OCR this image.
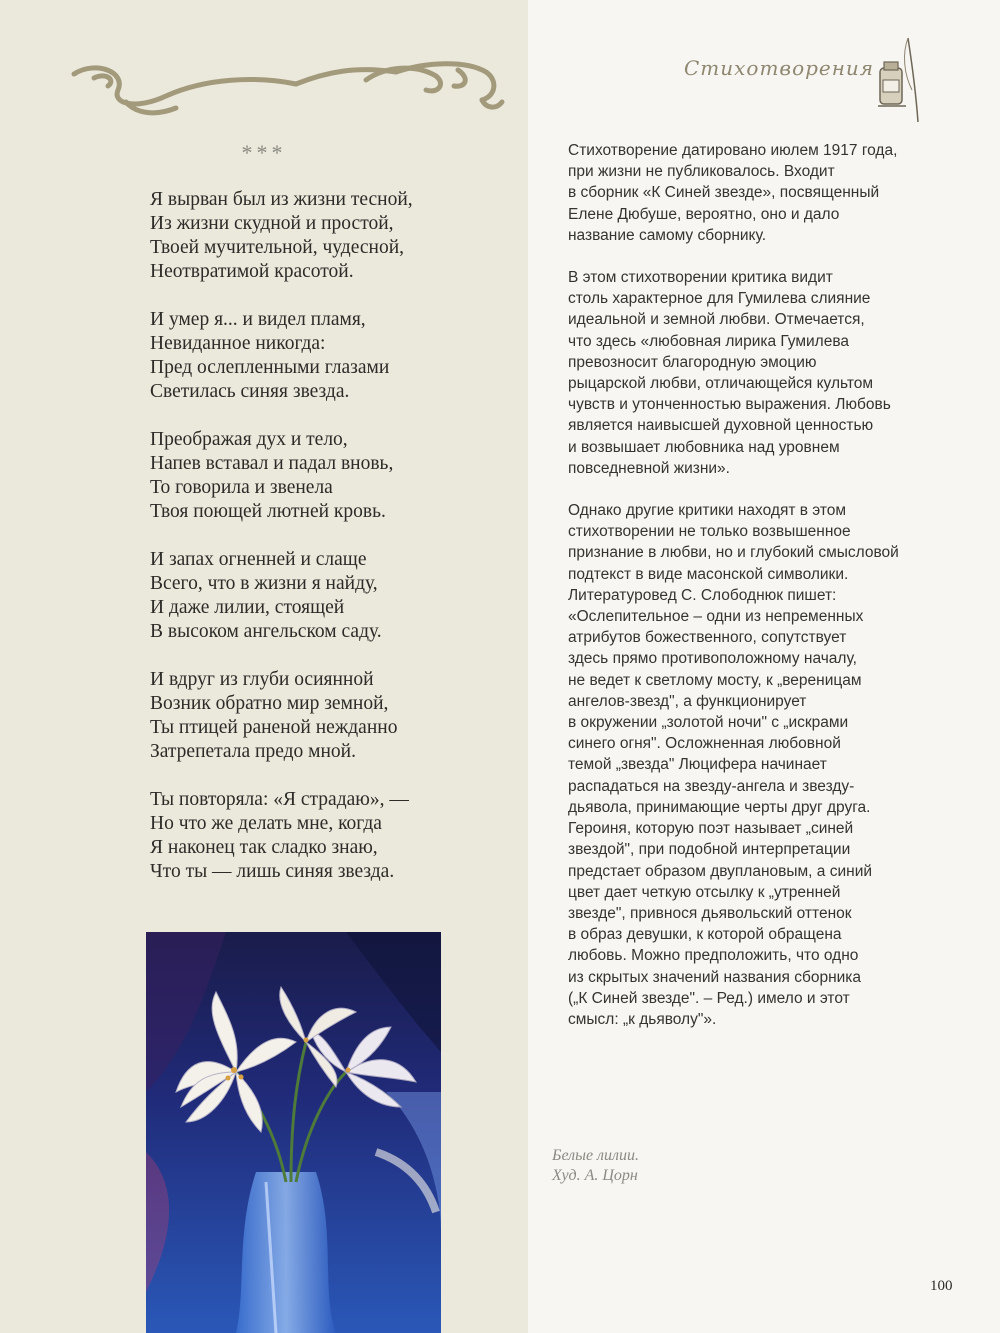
***
Я вырван был из жизни тесной,
Из жизни скудной и простой,
Твоей мучительной, чудесной,
Неотвратимой красотой.
И умер я... и видел пламя,
Невиданное никогда:
Пред ослепленными глазами
Светилась синяя звезда.
Преображая дух и тело,
Напев вставал и падал вновь,
То говорила и звенела
Твоя поющей лютней кровь.
И запах огненней и слаще
Всего, что в жизни я найду,
И даже лилии, стоящей
В высоком ангельском саду.
И вдруг из глуби осиянной
Возник обратно мир земной,
Ты птицей раненой нежданно
Затрепетала предо мной.
Ты повторяла: «Я страдаю», —
Но что же делать мне, когда
Я наконец так сладко знаю,
Что ты — лишь синяя звезда.
Стихотворения
Стихотворение датировано июлем 1917 года,
при жизни не публиковалось. Входит
в сборник «К Синей звезде», посвященный
Елене Дюбуше, вероятно, оно и дало
название самому сборнику.
В этом стихотворении критика видит
столь характерное для Гумилева слияние
идеальной и земной любви. Отмечается,
что здесь «любовная лирика Гумилева
превозносит благородную эмоцию
рыцарской любви, отличающейся культом
чувств и утонченностью выражения. Любовь
является наивысшей духовной ценностью
и возвышает любовника над уровнем
повседневной жизни».
Однако другие критики находят в этом
стихотворении не только возвышенное
признание в любви, но и глубокий смысловой
подтекст в виде масонской символики.
Литературовед С. Слободнюк пишет:
«Ослепительное – одни из непременных
атрибутов божественного, сопутствует
здесь прямо противоположному началу,
не ведет к светлому мосту, к „вереницам
ангелов-звезд", а функционирует
в окружении „золотой ночи" с „искрами
синего огня". Осложненная любовной
темой „звезда" Люцифера начинает
распадаться на звезду-ангела и звезду-
дьявола, принимающие черты друг друга.
Героиня, которую поэт называет „синей
звездой", при подобной интерпретации
предстает образом двуплановым, а синий
цвет дает четкую отсылку к „утренней
звезде", привнося дьявольский оттенок
в образ девушки, к которой обращена
любовь. Можно предположить, что одно
из скрытых значений названия сборника
(„К Синей звезде". – Ред.) имело и этот
смысл: „к дьяволу"».
Белые лилии.
Худ. А. Цорн
100
